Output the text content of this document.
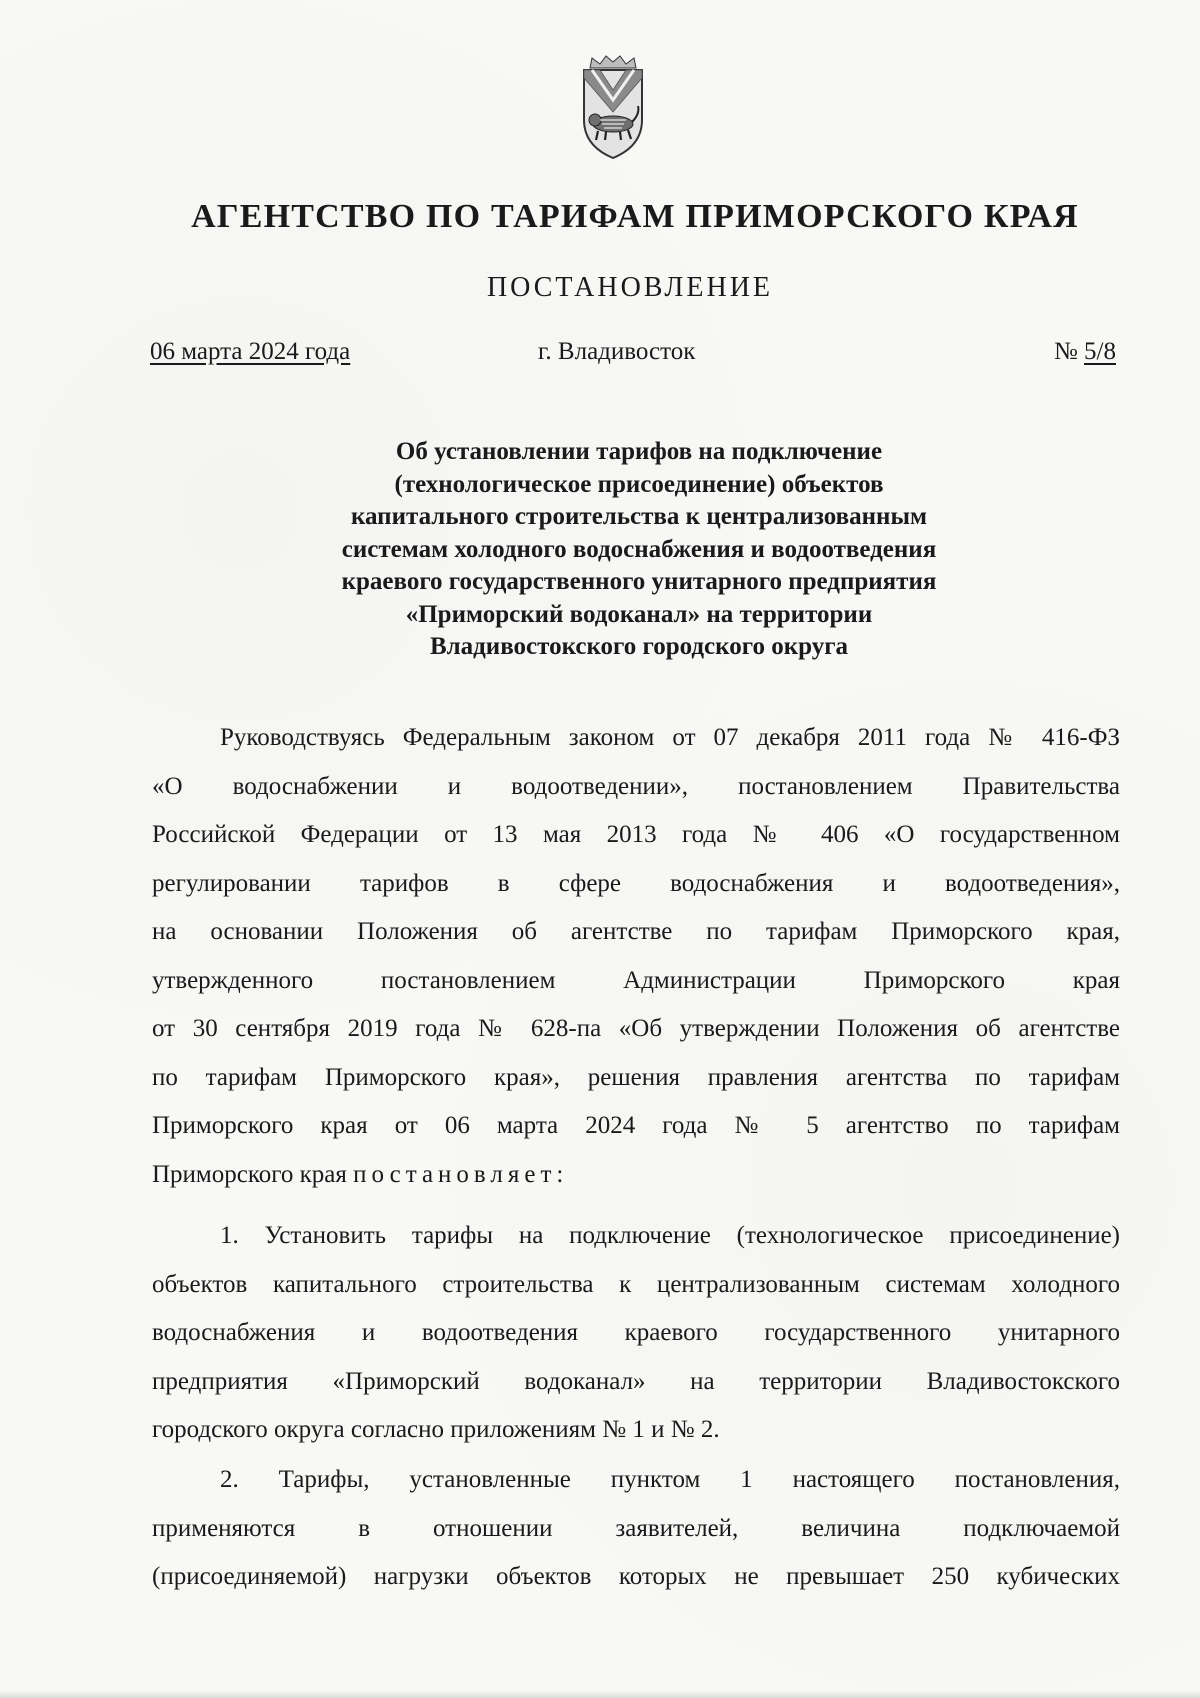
АГЕНТСТВО ПО ТАРИФАМ ПРИМОРСКОГО КРАЯ
ПОСТАНОВЛЕНИЕ
06 марта 2024 года	г. Владивосток	№ 5/8
Об установлении тарифов на подключение
(технологическое присоединение) объектов
капитального строительства к централизованным
системам холодного водоснабжения и водоотведения
краевого государственного унитарного предприятия
«Приморский водоканал» на территории
Владивостокского городского округа
Руководствуясь Федеральным законом от 07 декабря 2011 года № 416-ФЗ
«О водоснабжении и водоотведении», постановлением Правительства
Российской Федерации от 13 мая 2013 года № 406 «О государственном
регулировании тарифов в сфере водоснабжения и водоотведения»,
на основании Положения об агентстве по тарифам Приморского края,
утвержденного постановлением Администрации Приморского края
от 30 сентября 2019 года № 628-па «Об утверждении Положения об агентстве
по тарифам Приморского края», решения правления агентства по тарифам
Приморского края от 06 марта 2024 года № 5 агентство по тарифам
Приморского края постановляет:
1. Установить тарифы на подключение (технологическое присоединение)
объектов капитального строительства к централизованным системам холодного
водоснабжения и водоотведения краевого государственного унитарного
предприятия «Приморский водоканал» на территории Владивостокского
городского округа согласно приложениям № 1 и № 2.
2. Тарифы, установленные пунктом 1 настоящего постановления,
применяются в отношении заявителей, величина подключаемой
(присоединяемой) нагрузки объектов которых не превышает 250 кубических
